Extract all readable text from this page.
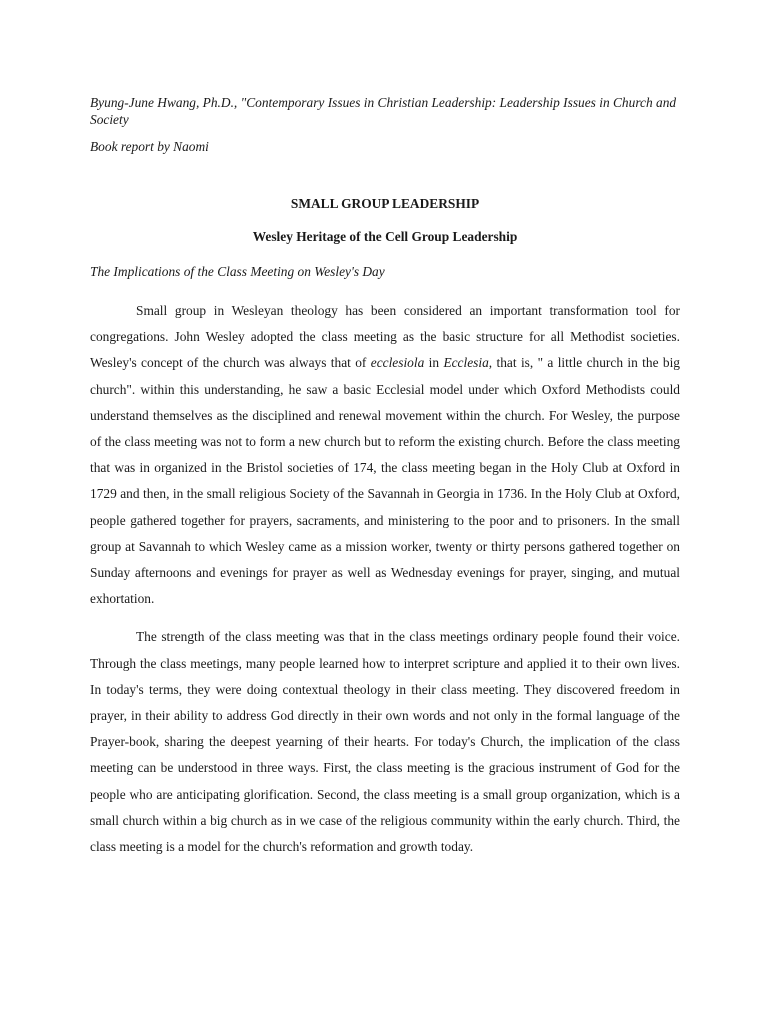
Byung-June Hwang, Ph.D., "Contemporary Issues in Christian Leadership: Leadership Issues in Church and Society

Book report by Naomi

SMALL GROUP LEADERSHIP
Wesley Heritage of the Cell Group Leadership

The Implications of the Class Meeting on Wesley's Day

Small group in Wesleyan theology has been considered an important transformation tool for congregations. John Wesley adopted the class meeting as the basic structure for all Methodist societies. Wesley's concept of the church was always that of ecclesiola in Ecclesia, that is, " a little church in the big church". within this understanding, he saw a basic Ecclesial model under which Oxford Methodists could understand themselves as the disciplined and renewal movement within the church. For Wesley, the purpose of the class meeting was not to form a new church but to reform the existing church. Before the class meeting that was in organized in the Bristol societies of 174, the class meeting began in the Holy Club at Oxford in 1729 and then, in the small religious Society of the Savannah in Georgia in 1736. In the Holy Club at Oxford, people gathered together for prayers, sacraments, and ministering to the poor and to prisoners. In the small group at Savannah to which Wesley came as a mission worker, twenty or thirty persons gathered together on Sunday afternoons and evenings for prayer as well as Wednesday evenings for prayer, singing, and mutual exhortation.

The strength of the class meeting was that in the class meetings ordinary people found their voice. Through the class meetings, many people learned how to interpret scripture and applied it to their own lives. In today's terms, they were doing contextual theology in their class meeting. They discovered freedom in prayer, in their ability to address God directly in their own words and not only in the formal language of the Prayer-book, sharing the deepest yearning of their hearts. For today's Church, the implication of the class meeting can be understood in three ways. First, the class meeting is the gracious instrument of God for the people who are anticipating glorification. Second, the class meeting is a small group organization, which is a small church within a big church as in we case of the religious community within the early church. Third, the class meeting is a model for the church's reformation and growth today.
